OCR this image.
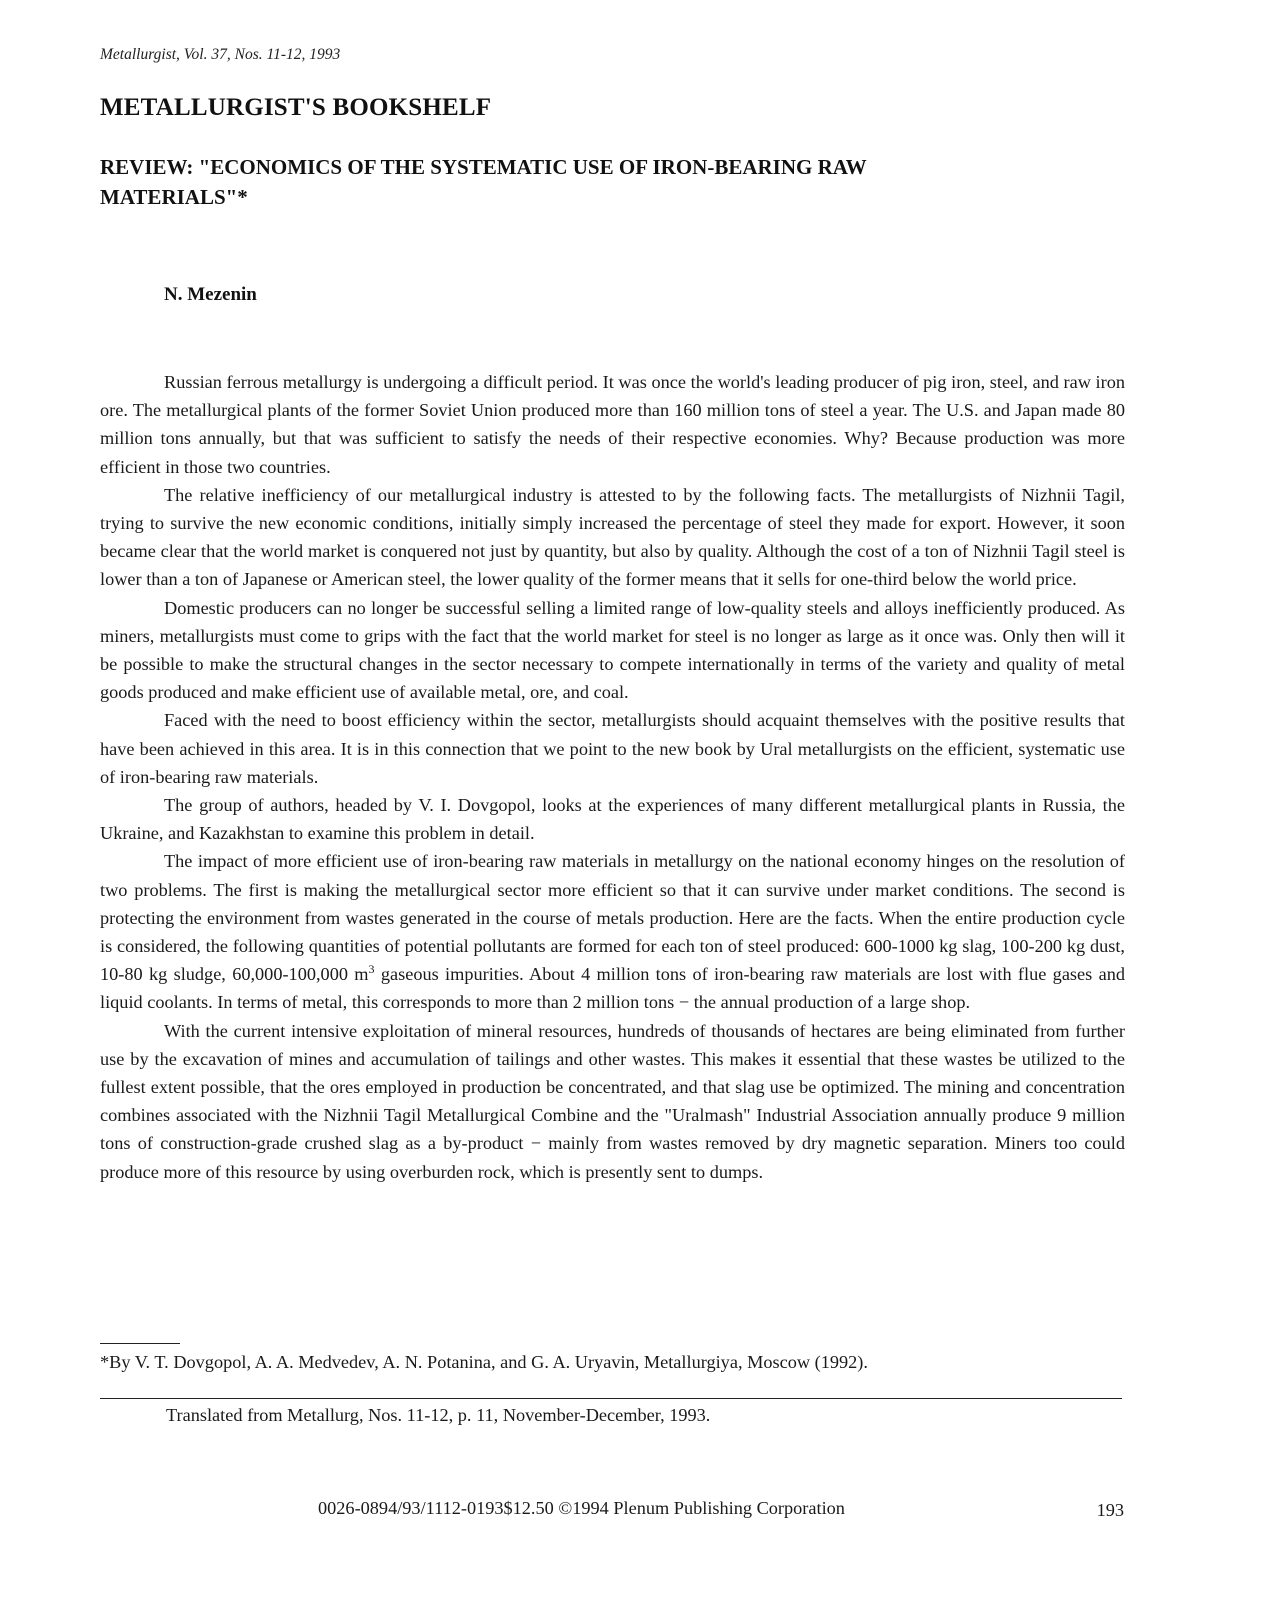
Metallurgist, Vol. 37, Nos. 11-12, 1993
METALLURGIST'S BOOKSHELF
REVIEW: "ECONOMICS OF THE SYSTEMATIC USE OF IRON-BEARING RAW MATERIALS"*
N. Mezenin

Russian ferrous metallurgy is undergoing a difficult period. It was once the world's leading producer of pig iron, steel, and raw iron ore. The metallurgical plants of the former Soviet Union produced more than 160 million tons of steel a year. The U.S. and Japan made 80 million tons annually, but that was sufficient to satisfy the needs of their respective economies. Why? Because production was more efficient in those two countries.

The relative inefficiency of our metallurgical industry is attested to by the following facts. The metallurgists of Nizhnii Tagil, trying to survive the new economic conditions, initially simply increased the percentage of steel they made for export. However, it soon became clear that the world market is conquered not just by quantity, but also by quality. Although the cost of a ton of Nizhnii Tagil steel is lower than a ton of Japanese or American steel, the lower quality of the former means that it sells for one-third below the world price.

Domestic producers can no longer be successful selling a limited range of low-quality steels and alloys inefficiently produced. As miners, metallurgists must come to grips with the fact that the world market for steel is no longer as large as it once was. Only then will it be possible to make the structural changes in the sector necessary to compete internationally in terms of the variety and quality of metal goods produced and make efficient use of available metal, ore, and coal.

Faced with the need to boost efficiency within the sector, metallurgists should acquaint themselves with the positive results that have been achieved in this area. It is in this connection that we point to the new book by Ural metallurgists on the efficient, systematic use of iron-bearing raw materials.

The group of authors, headed by V. I. Dovgopol, looks at the experiences of many different metallurgical plants in Russia, the Ukraine, and Kazakhstan to examine this problem in detail.

The impact of more efficient use of iron-bearing raw materials in metallurgy on the national economy hinges on the resolution of two problems. The first is making the metallurgical sector more efficient so that it can survive under market conditions. The second is protecting the environment from wastes generated in the course of metals production. Here are the facts. When the entire production cycle is considered, the following quantities of potential pollutants are formed for each ton of steel produced: 600-1000 kg slag, 100-200 kg dust, 10-80 kg sludge, 60,000-100,000 $m^3$ gaseous impurities. About 4 million tons of iron-bearing raw materials are lost with flue gases and liquid coolants. In terms of metal, this corresponds to more than 2 million tons − the annual production of a large shop.

With the current intensive exploitation of mineral resources, hundreds of thousands of hectares are being eliminated from further use by the excavation of mines and accumulation of tailings and other wastes. This makes it essential that these wastes be utilized to the fullest extent possible, that the ores employed in production be concentrated, and that slag use be optimized. The mining and concentration combines associated with the Nizhnii Tagil Metallurgical Combine and the "Uralmash" Industrial Association annually produce 9 million tons of construction-grade crushed slag as a by-product − mainly from wastes removed by dry magnetic separation. Miners too could produce more of this resource by using overburden rock, which is presently sent to dumps.

*By V. T. Dovgopol, A. A. Medvedev, A. N. Potanina, and G. A. Uryavin, Metallurgiya, Moscow (1992).
Translated from Metallurg, Nos. 11-12, p. 11, November-December, 1993.
0026-0894/93/1112-0193$12.50 ©1994 Plenum Publishing Corporation	193
